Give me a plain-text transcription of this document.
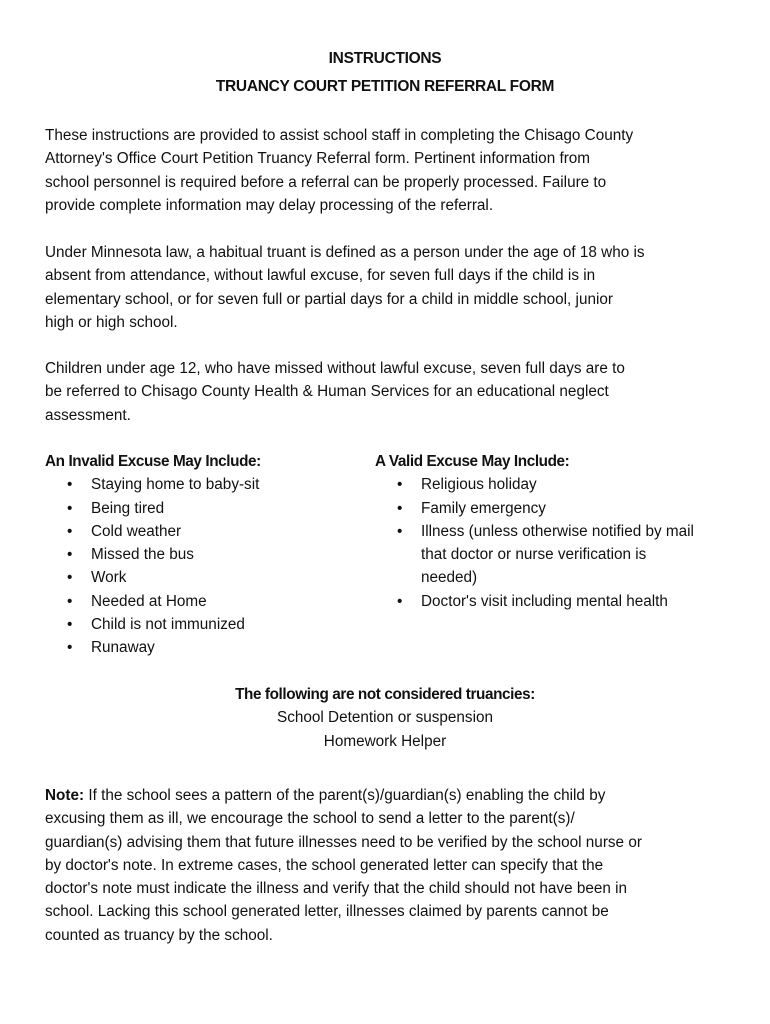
INSTRUCTIONS
TRUANCY COURT PETITION REFERRAL FORM
These instructions are provided to assist school staff in completing the Chisago County
Attorney's Office Court Petition Truancy Referral form. Pertinent information from
school personnel is required before a referral can be properly processed. Failure to
provide complete information may delay processing of the referral.
Under Minnesota law, a habitual truant is defined as a person under the age of 18 who is
absent from attendance, without lawful excuse, for seven full days if the child is in
elementary school, or for seven full or partial days for a child in middle school, junior
high or high school.
Children under age 12, who have missed without lawful excuse, seven full days are to
be referred to Chisago County Health & Human Services for an educational neglect
assessment.
An Invalid Excuse May Include:
• Staying home to baby-sit
• Being tired
• Cold weather
• Missed the bus
• Work
• Needed at Home
• Child is not immunized
• Runaway
A Valid Excuse May Include:
• Religious holiday
• Family emergency
• Illness (unless otherwise notified by mail
that doctor or nurse verification is
needed)
• Doctor's visit including mental health
The following are not considered truancies:
School Detention or suspension
Homework Helper
Note: If the school sees a pattern of the parent(s)/guardian(s) enabling the child by
excusing them as ill, we encourage the school to send a letter to the parent(s)/
guardian(s) advising them that future illnesses need to be verified by the school nurse or
by doctor's note. In extreme cases, the school generated letter can specify that the
doctor's note must indicate the illness and verify that the child should not have been in
school. Lacking this school generated letter, illnesses claimed by parents cannot be
counted as truancy by the school.
